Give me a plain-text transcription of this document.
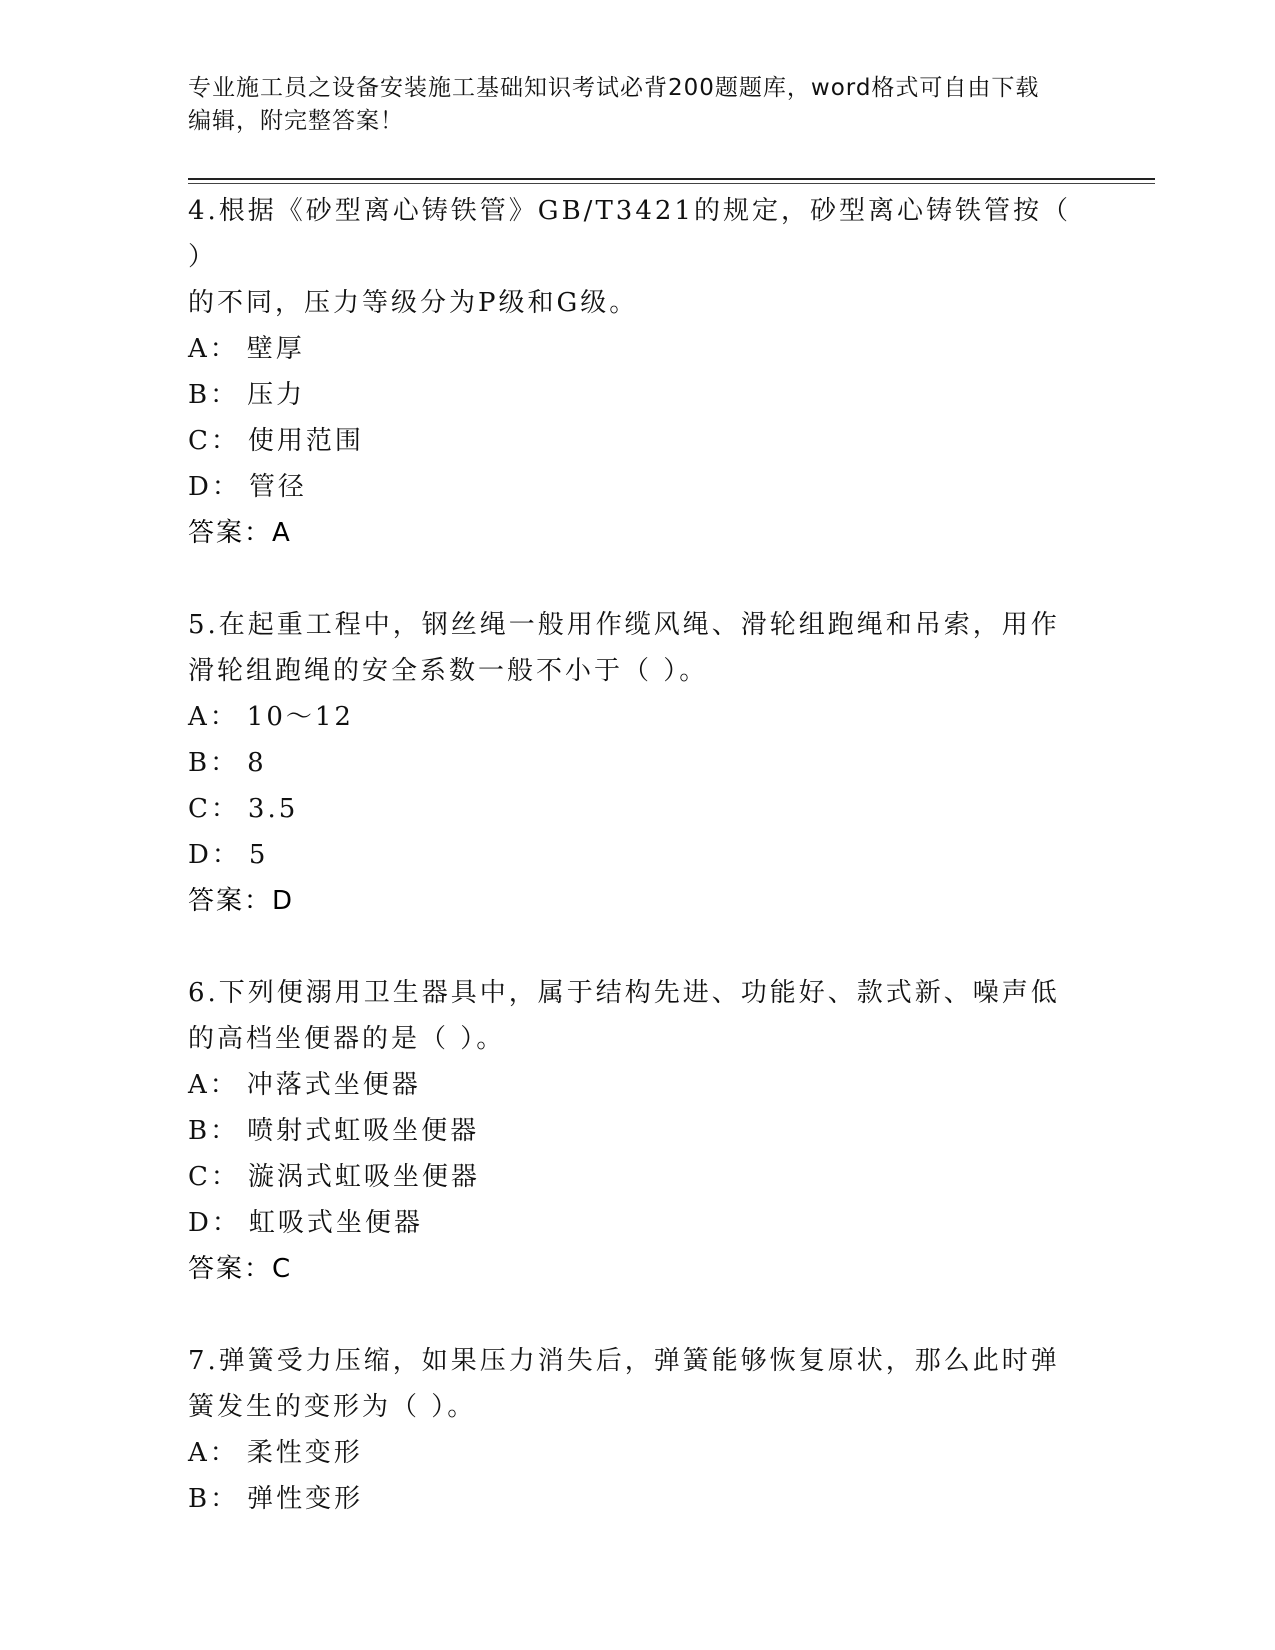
专业施工员之设备安装施工基础知识考试必背200题题库，word格式可自由下载
编辑，附完整答案！
4.根据《砂型离心铸铁管》GB/T3421的规定，砂型离心铸铁管按（ ）
的不同，压力等级分为P级和G级。
A： 壁厚
B： 压力
C： 使用范围
D： 管径
答案：A
5.在起重工程中，钢丝绳一般用作缆风绳、滑轮组跑绳和吊索，用作
滑轮组跑绳的安全系数一般不小于（ ）。
A： 10～12
B： 8
C： 3.5
D： 5
答案：D
6.下列便溺用卫生器具中，属于结构先进、功能好、款式新、噪声低
的高档坐便器的是（ ）。
A： 冲落式坐便器
B： 喷射式虹吸坐便器
C： 漩涡式虹吸坐便器
D： 虹吸式坐便器
答案：C
7.弹簧受力压缩，如果压力消失后，弹簧能够恢复原状，那么此时弹
簧发生的变形为（ ）。
A： 柔性变形
B： 弹性变形
